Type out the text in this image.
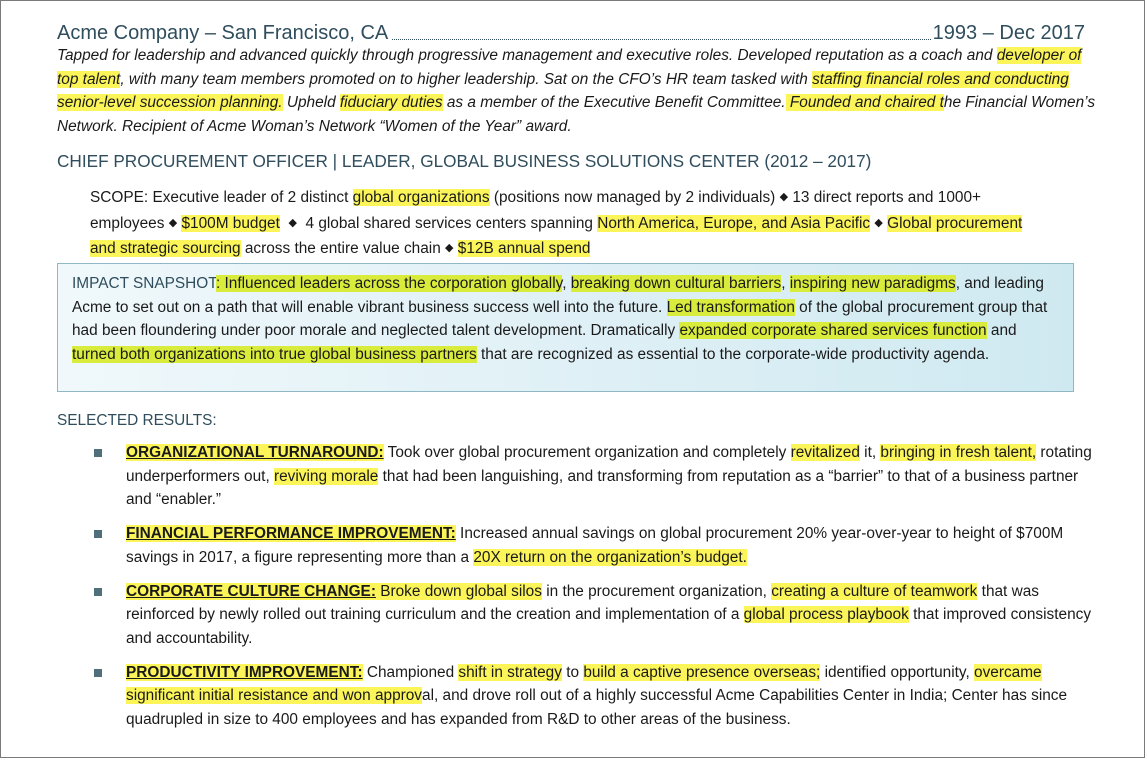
Acme Company – San Francisco, CA	1993 – Dec 2017

Tapped for leadership and advanced quickly through progressive management and executive roles. Developed reputation as a coach and developer of top talent, with many team members promoted on to higher leadership. Sat on the CFO’s HR team tasked with staffing financial roles and conducting senior-level succession planning. Upheld fiduciary duties as a member of the Executive Benefit Committee. Founded and chaired the Financial Women’s Network. Recipient of Acme Woman’s Network “Women of the Year” award.

CHIEF PROCUREMENT OFFICER | LEADER, GLOBAL BUSINESS SOLUTIONS CENTER (2012 – 2017)

SCOPE: Executive leader of 2 distinct global organizations (positions now managed by 2 individuals) ◆ 13 direct reports and 1000+ employees ◆ $100M budget ◆ 4 global shared services centers spanning North America, Europe, and Asia Pacific ◆ Global procurement and strategic sourcing across the entire value chain ◆ $12B annual spend

IMPACT SNAPSHOT: Influenced leaders across the corporation globally, breaking down cultural barriers, inspiring new paradigms, and leading Acme to set out on a path that will enable vibrant business success well into the future. Led transformation of the global procurement group that had been floundering under poor morale and neglected talent development. Dramatically expanded corporate shared services function and turned both organizations into true global business partners that are recognized as essential to the corporate-wide productivity agenda.

SELECTED RESULTS:
ORGANIZATIONAL TURNAROUND: Took over global procurement organization and completely revitalized it, bringing in fresh talent, rotating underperformers out, reviving morale that had been languishing, and transforming from reputation as a “barrier” to that of a business partner and “enabler.”
FINANCIAL PERFORMANCE IMPROVEMENT: Increased annual savings on global procurement 20% year-over-year to height of $700M savings in 2017, a figure representing more than a 20X return on the organization’s budget.
CORPORATE CULTURE CHANGE: Broke down global silos in the procurement organization, creating a culture of teamwork that was reinforced by newly rolled out training curriculum and the creation and implementation of a global process playbook that improved consistency and accountability.
PRODUCTIVITY IMPROVEMENT: Championed shift in strategy to build a captive presence overseas; identified opportunity, overcame significant initial resistance and won approval, and drove roll out of a highly successful Acme Capabilities Center in India; Center has since quadrupled in size to 400 employees and has expanded from R&D to other areas of the business.
